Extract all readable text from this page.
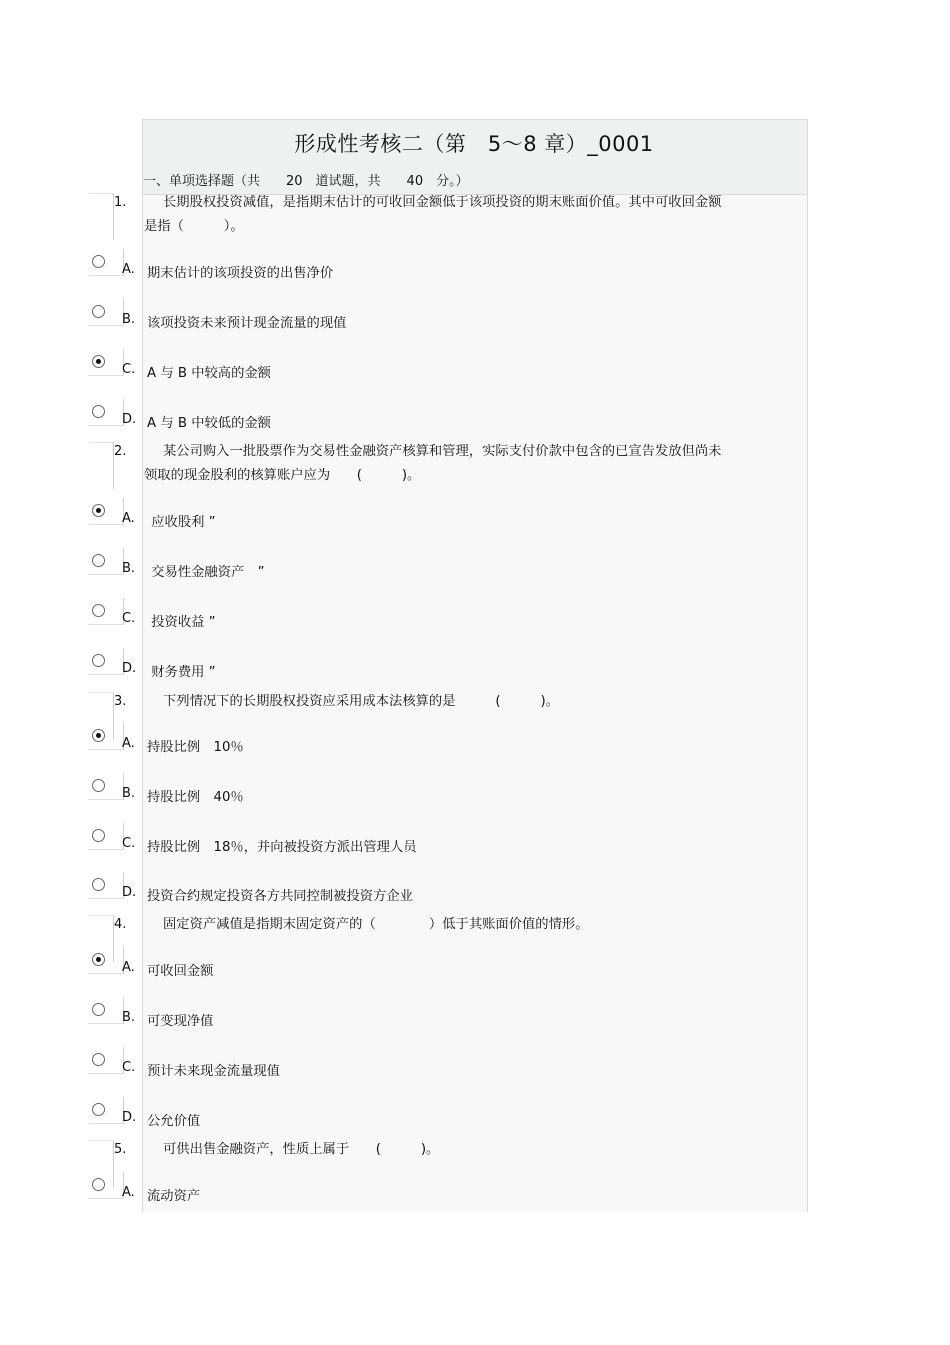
形成性考核二（第　5～8 章）_0001
一、单项选择题（共　　20　道试题，共　　40　分。）
1.	长期股权投资减值，是指期末估计的可收回金额低于该项投资的期末账面价值。其中可收回金额是指（　　　）。
A. 期末估计的该项投资的出售净价
B. 该项投资未来预计现金流量的现值
C. A 与 B 中较高的金额
D. A 与 B 中较低的金额
2.	某公司购入一批股票作为交易性金融资产核算和管理，实际支付价款中包含的已宣告发放但尚未领取的现金股利的核算账户应为　　(　　　)。
A. 应收股利 ”
B. 交易性金融资产　”
C. 投资收益 ”
D. 财务费用 ”
3.	下列情况下的长期股权投资应采用成本法核算的是　　　(　　　)。
A. 持股比例　10％
B. 持股比例　40％
C. 持股比例　18％，并向被投资方派出管理人员
D. 投资合约规定投资各方共同控制被投资方企业
4.	固定资产减值是指期末固定资产的（　　　　）低于其账面价值的情形。
A. 可收回金额
B. 可变现净值
C. 预计未来现金流量现值
D. 公允价值
5.	可供出售金融资产，性质上属于　　(　　　)。
A. 流动资产
